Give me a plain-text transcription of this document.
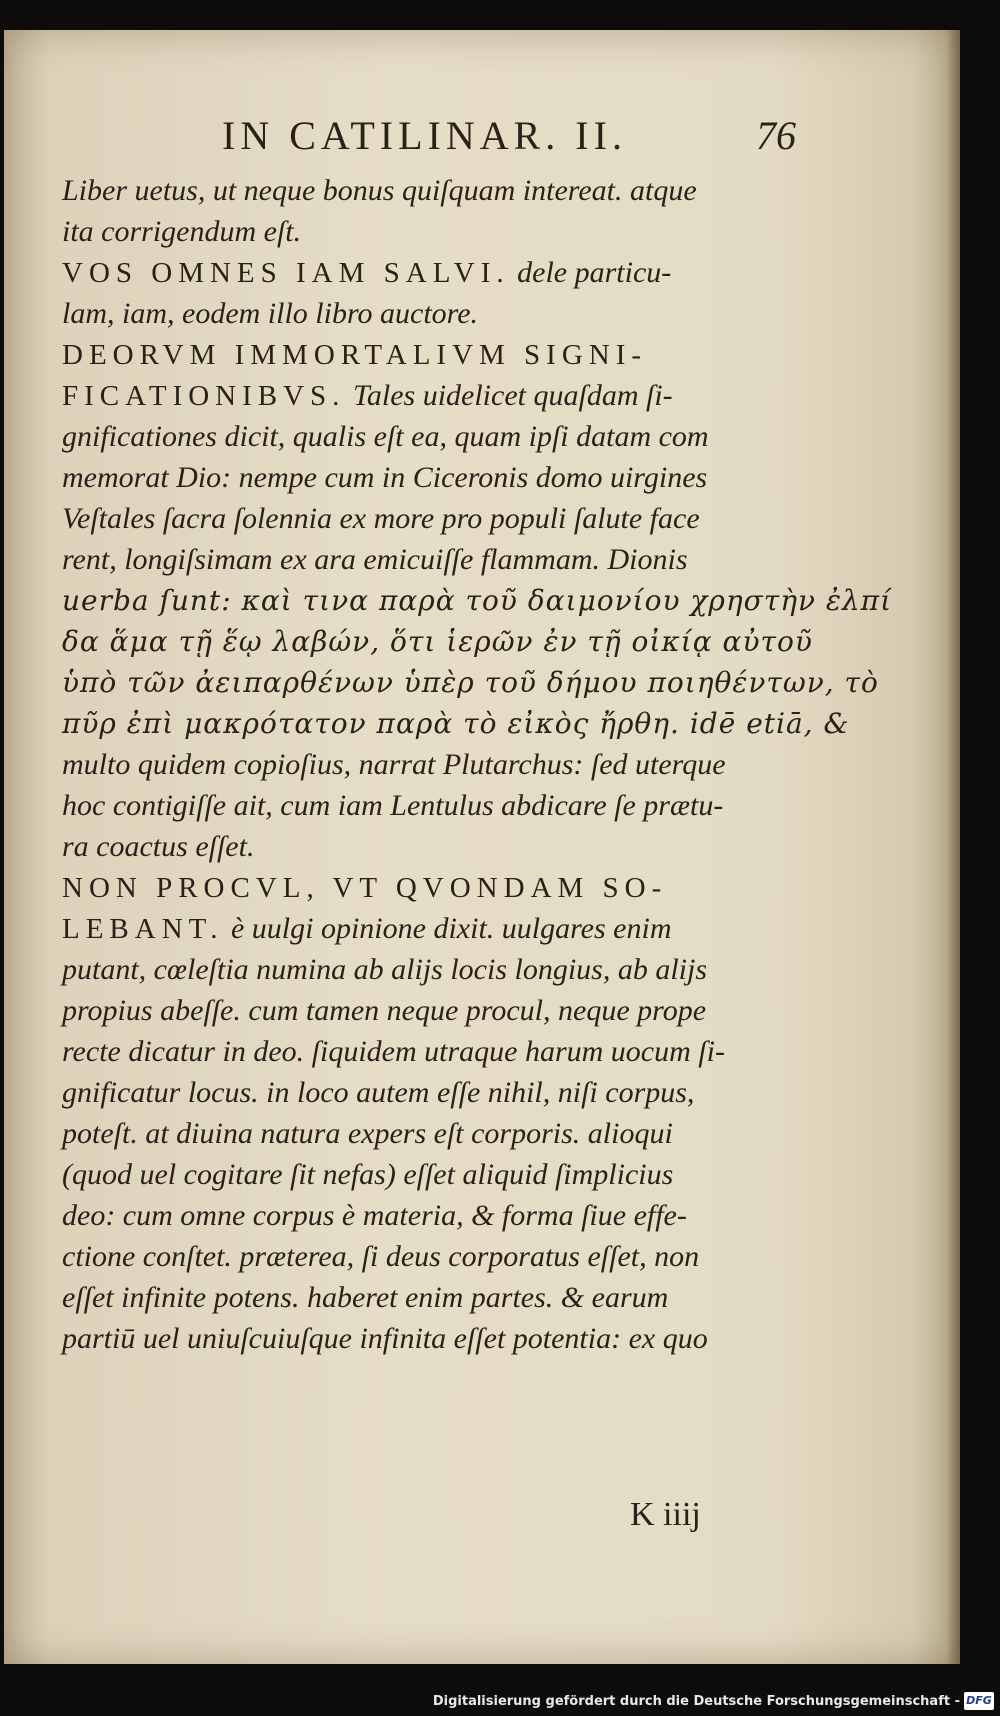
IN CATILINAR. II.	76
Liber uetus, ut neque bonus quiſquam intereat. atque
ita corrigendum eſt.
VOS OMNES IAM SALVI. dele particu-
lam, iam, eodem illo libro auctore.
DEORVM IMMORTALIVM SIGNI-
FICATIONIBVS. Tales uidelicet quaſdam ſi-
gnificationes dicit, qualis eſt ea, quam ipſi datam com
memorat Dio: nempe cum in Ciceronis domo uirgines
Veſtales ſacra ſolennia ex more pro populi ſalute face
rent, longiſsimam ex ara emicuiſſe flammam. Dionis
uerba ſunt: καὶ τινα παρὰ τοῦ δαιμονίου χρηστὴν ἐλπί
δα ἅμα τῇ ἕῳ λαβών, ὅτι ἱερῶν ἐν τῇ οἰκίᾳ αὐτοῦ
ὑπὸ τῶν ἀειπαρθένων ὑπὲρ τοῦ δήμου ποιηθέντων, τὸ
πῦρ ἐπὶ μακρότατον παρὰ τὸ εἰκὸς ἤρθη. idē etiā, &
multo quidem copioſius, narrat Plutarchus: ſed uterque
hoc contigiſſe ait, cum iam Lentulus abdicare ſe prætu-
ra coactus eſſet.
NON PROCVL, VT QVONDAM SO-
LEBANT. è uulgi opinione dixit. uulgares enim
putant, cœleſtia numina ab alijs locis longius, ab alijs
propius abeſſe. cum tamen neque procul, neque prope
recte dicatur in deo. ſiquidem utraque harum uocum ſi-
gnificatur locus. in loco autem eſſe nihil, niſi corpus,
poteſt. at diuina natura expers eſt corporis. alioqui
(quod uel cogitare ſit nefas) eſſet aliquid ſimplicius
deo: cum omne corpus è materia, & forma ſiue effe-
ctione conſtet. præterea, ſi deus corporatus eſſet, non
eſſet infinite potens. haberet enim partes. & earum
partiū uel uniuſcuiuſque infinita eſſet potentia: ex quo
K iiij
Digitalisierung gefördert durch die Deutsche Forschungsgemeinschaft - DFG
